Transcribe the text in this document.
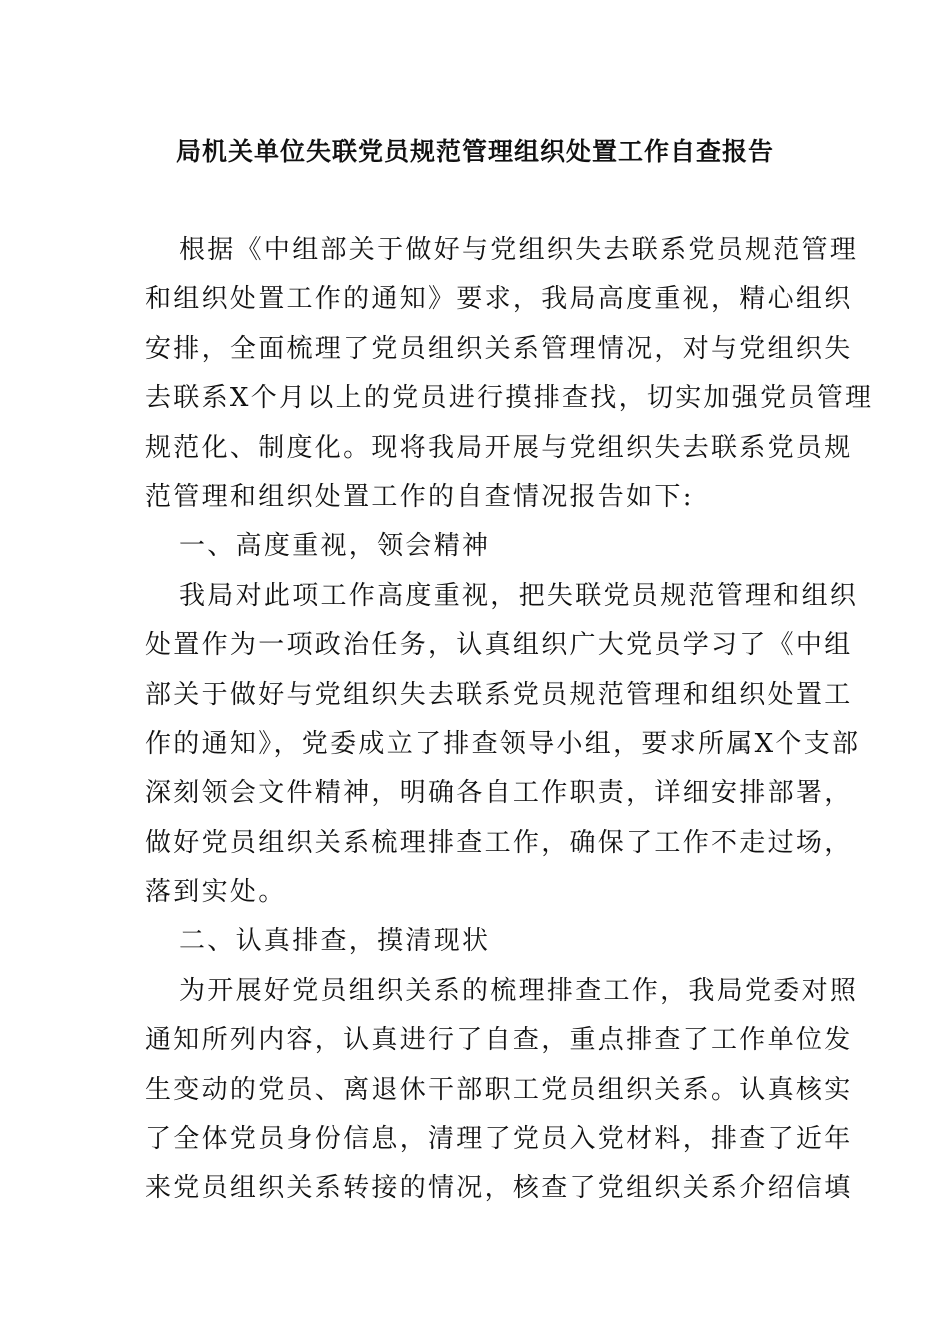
局机关单位失联党员规范管理组织处置工作自查报告
根据《中组部关于做好与党组织失去联系党员规范管理
和组织处置工作的通知》要求，我局高度重视，精心组织
安排，全面梳理了党员组织关系管理情况，对与党组织失
去联系X个月以上的党员进行摸排查找，切实加强党员管理
规范化、制度化。现将我局开展与党组织失去联系党员规
范管理和组织处置工作的自查情况报告如下:
一、高度重视，领会精神
我局对此项工作高度重视，把失联党员规范管理和组织
处置作为一项政治任务，认真组织广大党员学习了《中组
部关于做好与党组织失去联系党员规范管理和组织处置工
作的通知》，党委成立了排查领导小组，要求所属X个支部
深刻领会文件精神，明确各自工作职责，详细安排部署，
做好党员组织关系梳理排查工作，确保了工作不走过场，
落到实处。
二、认真排查，摸清现状
为开展好党员组织关系的梳理排查工作，我局党委对照
通知所列内容，认真进行了自查，重点排查了工作单位发
生变动的党员、离退休干部职工党员组织关系。认真核实
了全体党员身份信息，清理了党员入党材料，排查了近年
来党员组织关系转接的情况，核查了党组织关系介绍信填
